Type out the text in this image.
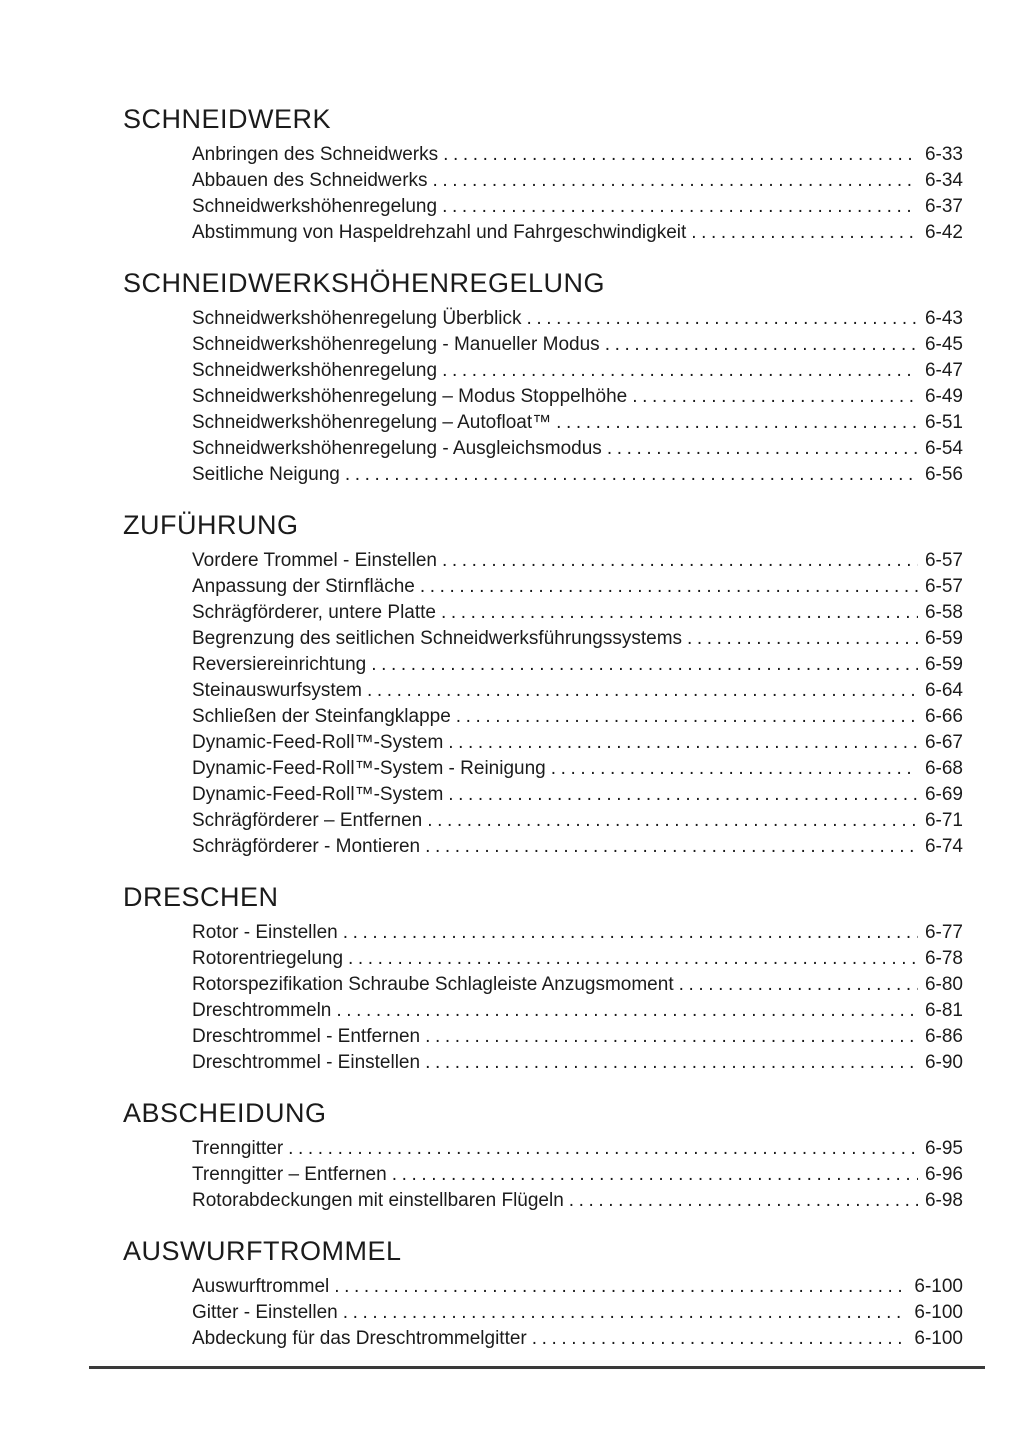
SCHNEIDWERK
Anbringen des Schneidwerks .....	6-33
Abbauen des Schneidwerks .....	6-34
Schneidwerkshöhenregelung .....	6-37
Abstimmung von Haspeldrehzahl und Fahrgeschwindigkeit .....	6-42
SCHNEIDWERKSHÖHENREGELUNG
Schneidwerkshöhenregelung Überblick .....	6-43
Schneidwerkshöhenregelung - Manueller Modus .....	6-45
Schneidwerkshöhenregelung .....	6-47
Schneidwerkshöhenregelung – Modus Stoppelhöhe .....	6-49
Schneidwerkshöhenregelung – Autofloat™ .....	6-51
Schneidwerkshöhenregelung - Ausgleichsmodus .....	6-54
Seitliche Neigung .....	6-56
ZUFÜHRUNG
Vordere Trommel - Einstellen .....	6-57
Anpassung der Stirnfläche .....	6-57
Schrägförderer, untere Platte .....	6-58
Begrenzung des seitlichen Schneidwerksführungssystems .....	6-59
Reversiereinrichtung .....	6-59
Steinauswurfsystem .....	6-64
Schließen der Steinfangklappe .....	6-66
Dynamic-Feed-Roll™-System .....	6-67
Dynamic-Feed-Roll™-System - Reinigung .....	6-68
Dynamic-Feed-Roll™-System .....	6-69
Schrägförderer – Entfernen .....	6-71
Schrägförderer - Montieren .....	6-74
DRESCHEN
Rotor - Einstellen .....	6-77
Rotorentriegelung .....	6-78
Rotorspezifikation Schraube Schlagleiste Anzugsmoment .....	6-80
Dreschtrommeln .....	6-81
Dreschtrommel - Entfernen .....	6-86
Dreschtrommel - Einstellen .....	6-90
ABSCHEIDUNG
Trenngitter .....	6-95
Trenngitter – Entfernen .....	6-96
Rotorabdeckungen mit einstellbaren Flügeln .....	6-98
AUSWURFTROMMEL
Auswurftrommel .....	6-100
Gitter - Einstellen .....	6-100
Abdeckung für das Dreschtrommelgitter .....	6-100
